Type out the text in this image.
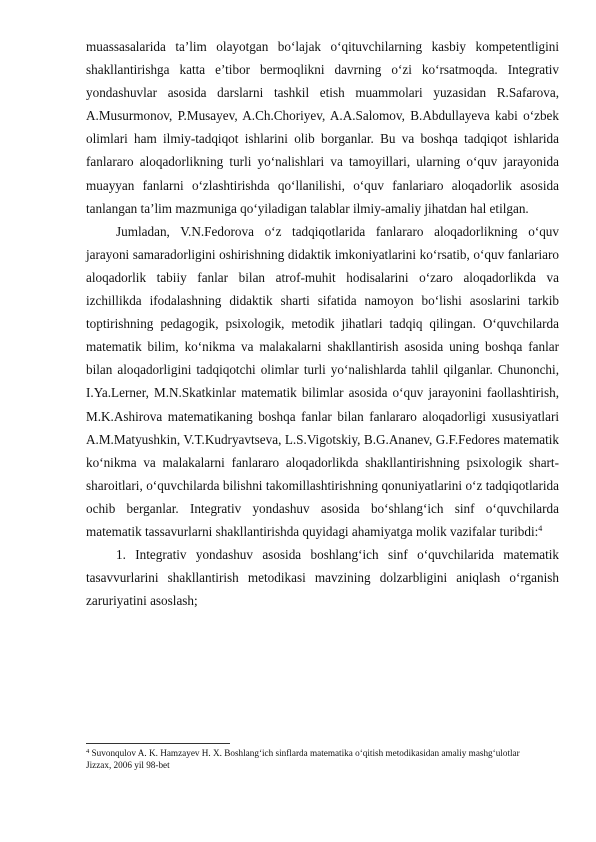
muassasalarida ta’lim olayotgan bo‘lajak o‘qituvchilarning kasbiy kompetentligini shakllantirishga katta e’tibor bermoqlikni davrning o‘zi ko‘rsatmoqda. Integrativ yondashuvlar asosida darslarni tashkil etish muammolari yuzasidan R.Safarova, A.Musurmonov, P.Musayev, A.Ch.Choriyev, A.A.Salomov, B.Abdullayeva kabi o‘zbek olimlari ham ilmiy-tadqiqot ishlarini olib borganlar. Bu va boshqa tadqiqot ishlarida fanlararo aloqadorlikning turli yo‘nalishlari va tamoyillari, ularning o‘quv jarayonida muayyan fanlarni o‘zlashtirishda qo‘llanilishi, o‘quv fanlariaro aloqadorlik asosida tanlangan ta’lim mazmuniga qo‘yiladigan talablar ilmiy-amaliy jihatdan hal etilgan.

Jumladan, V.N.Fedorova o‘z tadqiqotlarida fanlararo aloqadorlikning o‘quv jarayoni samaradorligini oshirishning didaktik imkoniyatlarini ko‘rsatib, o‘quv fanlariaro aloqadorlik tabiiy fanlar bilan atrof-muhit hodisalarini o‘zaro aloqadorlikda va izchillikda ifodalashning didaktik sharti sifatida namoyon bo‘lishi asoslarini tarkib toptirishning pedagogik, psixologik, metodik jihatlari tadqiq qilingan. O‘quvchilarda matematik bilim, ko‘nikma va malakalarni shakllantirish asosida uning boshqa fanlar bilan aloqadorligini tadqiqotchi olimlar turli yo‘nalishlarda tahlil qilganlar. Chunonchi, I.Ya.Lerner, M.N.Skatkinlar matematik bilimlar asosida o‘quv jarayonini faollashtirish, M.K.Ashirova matematikaning boshqa fanlar bilan fanlararo aloqadorligi xususiyatlari A.M.Matyushkin, V.T.Kudryavtseva, L.S.Vigotskiy, B.G.Ananev, G.F.Fedores matematik ko‘nikma va malakalarni fanlararo aloqadorlikda shakllantirishning psixologik shart-sharoitlari, o‘quvchilarda bilishni takomillashtirishning qonuniyatlarini o‘z tadqiqotlarida ochib berganlar. Integrativ yondashuv asosida bo‘shlang‘ich sinf o‘quvchilarda matematik tassavurlarni shakllantirishda quyidagi ahamiyatga molik vazifalar turibdi:$^4$

1. Integrativ yondashuv asosida boshlang‘ich sinf o‘quvchilarida matematik tasavvurlarini shakllantirish metodikasi mavzining dolzarbligini aniqlash o‘rganish zaruriyatini asoslash;

$^4$ Suvonqulov A. K. Hamzayev H. X. Boshlang‘ich sinflarda matematika o‘qitish metodikasidan amaliy mashg‘ulotlar Jizzax, 2006 yil 98-bet
